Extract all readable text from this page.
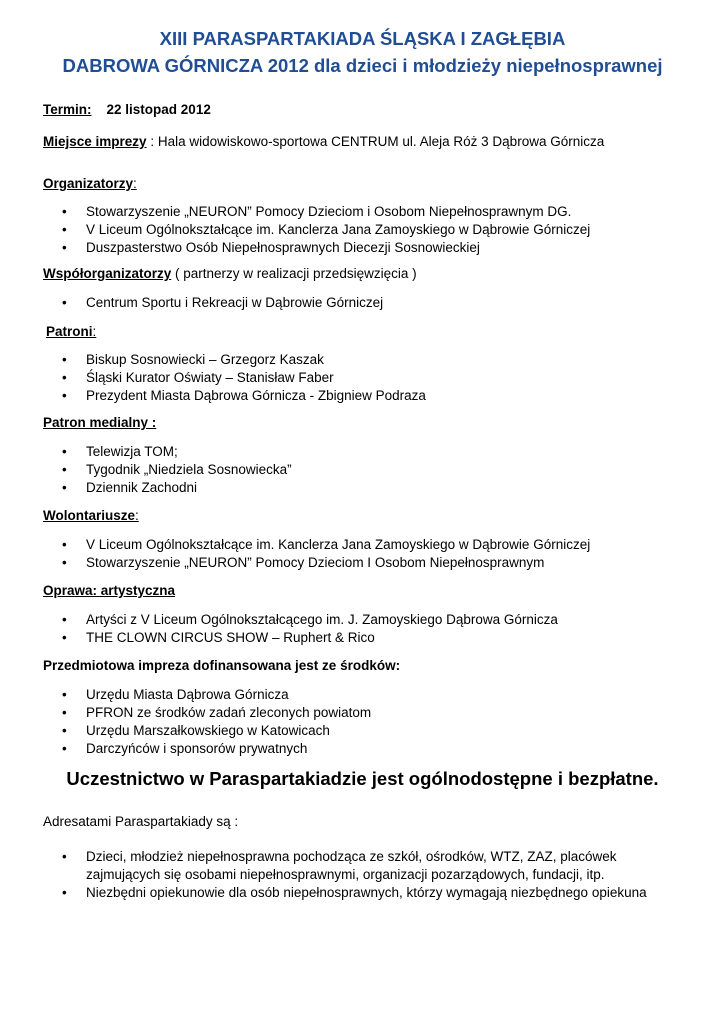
XIII PARASPARTAKIADA ŚLĄSKA I ZAGŁĘBIA
DABROWA GÓRNICZA 2012 dla dzieci i młodzieży niepełnosprawnej
Termin: 22 listopad 2012
Miejsce imprezy : Hala widowiskowo-sportowa CENTRUM ul. Aleja Róż 3 Dąbrowa Górnicza
Organizatorzy:
• Stowarzyszenie „NEURON” Pomocy Dzieciom i Osobom Niepełnosprawnym DG.
• V Liceum Ogólnokształcące im. Kanclerza Jana Zamoyskiego w Dąbrowie Górniczej
• Duszpasterstwo Osób Niepełnosprawnych Diecezji Sosnowieckiej
Współorganizatorzy ( partnerzy w realizacji przedsięwzięcia )
• Centrum Sportu i Rekreacji w Dąbrowie Górniczej
Patroni:
• Biskup Sosnowiecki – Grzegorz Kaszak
• Śląski Kurator Oświaty – Stanisław Faber
• Prezydent Miasta Dąbrowa Górnicza - Zbigniew Podraza
Patron medialny :
• Telewizja TOM;
• Tygodnik „Niedziela Sosnowiecka”
• Dziennik Zachodni
Wolontariusze:
• V Liceum Ogólnokształcące im. Kanclerza Jana Zamoyskiego w Dąbrowie Górniczej
• Stowarzyszenie „NEURON” Pomocy Dzieciom I Osobom Niepełnosprawnym
Oprawa: artystyczna
• Artyści z V Liceum Ogólnokształcącego im. J. Zamoyskiego Dąbrowa Górnicza
• THE CLOWN CIRCUS SHOW – Ruphert & Rico
Przedmiotowa impreza dofinansowana jest ze środków:
• Urzędu Miasta Dąbrowa Górnicza
• PFRON ze środków zadań zleconych powiatom
• Urzędu Marszałkowskiego w Katowicach
• Darczyńców i sponsorów prywatnych
Uczestnictwo w Paraspartakiadzie jest ogólnodostępne i bezpłatne.
Adresatami Paraspartakiady są :
• Dzieci, młodzież niepełnosprawna pochodząca ze szkół, ośrodków, WTZ, ZAZ, placówek zajmujących się osobami niepełnosprawnymi, organizacji pozarządowych, fundacji, itp.
• Niezbędni opiekunowie dla osób niepełnosprawnych, którzy wymagają niezbędnego opiekuna
